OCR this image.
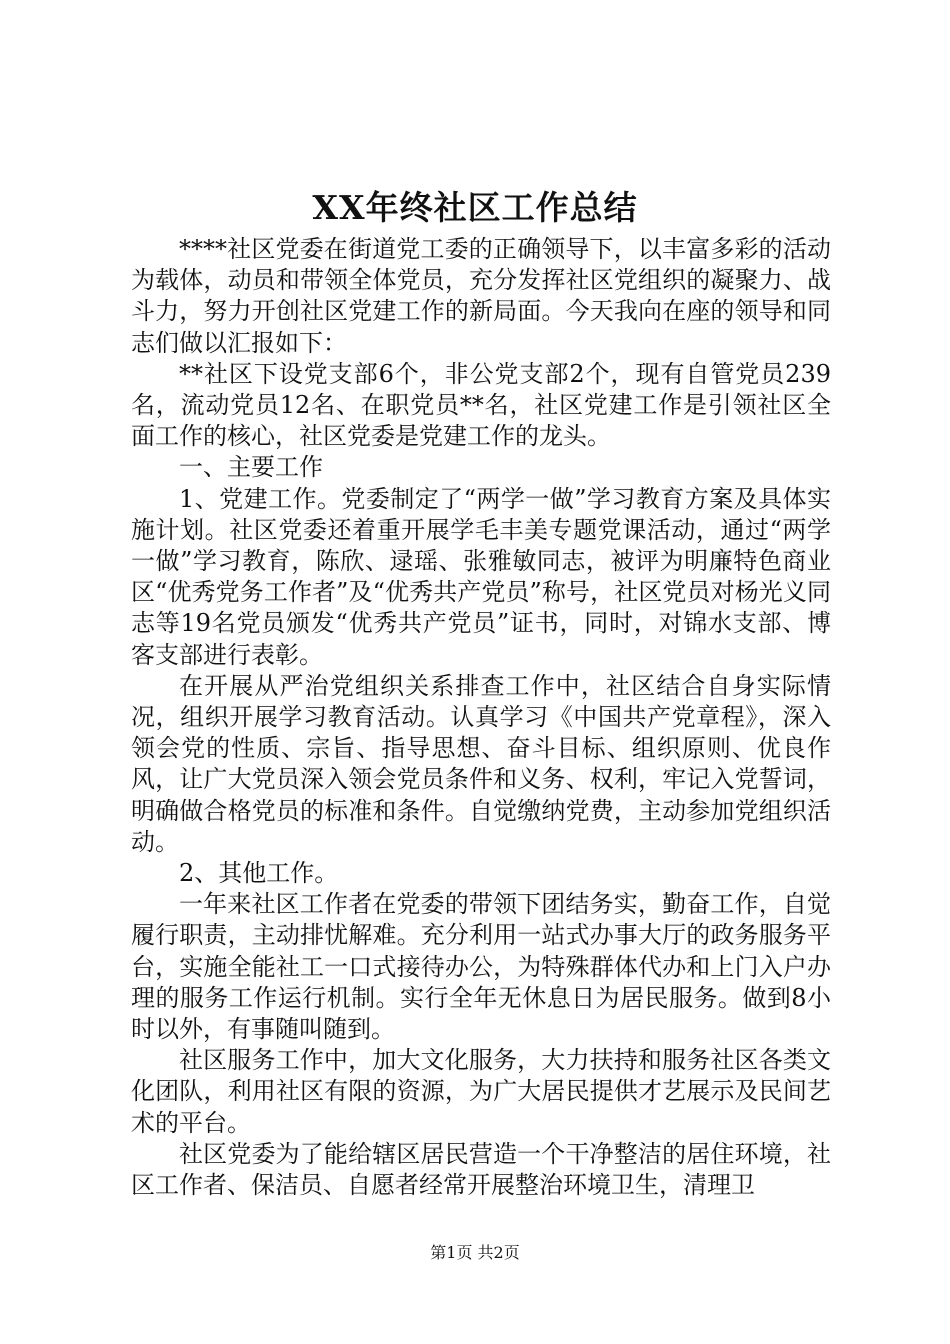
XX年终社区工作总结

****社区党委在街道党工委的正确领导下，以丰富多彩的活动为载体，动员和带领全体党员，充分发挥社区党组织的凝聚力、战斗力，努力开创社区党建工作的新局面。今天我向在座的领导和同志们做以汇报如下：

**社区下设党支部6个，非公党支部2个，现有自管党员239名，流动党员12名、在职党员**名，社区党建工作是引领社区全面工作的核心，社区党委是党建工作的龙头。

一、主要工作

1、党建工作。党委制定了“两学一做”学习教育方案及具体实施计划。社区党委还着重开展学毛丰美专题党课活动，通过“两学一做”学习教育，陈欣、逯瑶、张雅敏同志，被评为明廉特色商业区“优秀党务工作者”及“优秀共产党员”称号，社区党员对杨光义同志等19名党员颁发“优秀共产党员”证书，同时，对锦水支部、博客支部进行表彰。

在开展从严治党组织关系排查工作中，社区结合自身实际情况，组织开展学习教育活动。认真学习《中国共产党章程》，深入领会党的性质、宗旨、指导思想、奋斗目标、组织原则、优良作风，让广大党员深入领会党员条件和义务、权利，牢记入党誓词，明确做合格党员的标准和条件。自觉缴纳党费，主动参加党组织活动。

2、其他工作。

一年来社区工作者在党委的带领下团结务实，勤奋工作，自觉履行职责，主动排忧解难。充分利用一站式办事大厅的政务服务平台，实施全能社工一口式接待办公，为特殊群体代办和上门入户办理的服务工作运行机制。实行全年无休息日为居民服务。做到8小时以外，有事随叫随到。

社区服务工作中，加大文化服务，大力扶持和服务社区各类文化团队，利用社区有限的资源，为广大居民提供才艺展示及民间艺术的平台。

社区党委为了能给辖区居民营造一个干净整洁的居住环境，社区工作者、保洁员、自愿者经常开展整治环境卫生，清理卫

第1页 共2页
